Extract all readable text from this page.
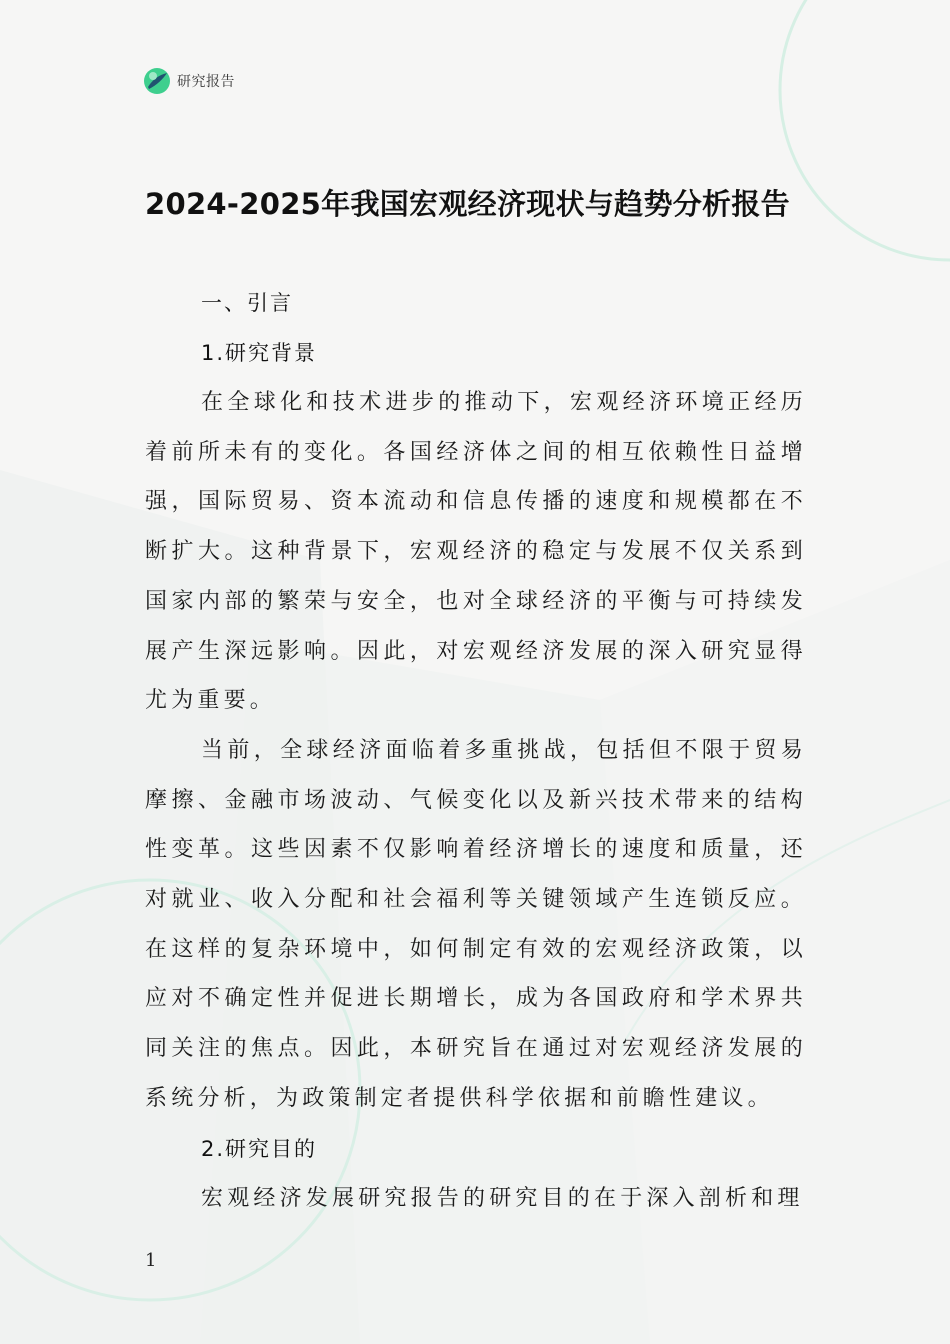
研究报告
2024-2025年我国宏观经济现状与趋势分析报告

一、引言

1.研究背景

在全球化和技术进步的推动下，宏观经济环境正经历着前所未有的变化。各国经济体之间的相互依赖性日益增强，国际贸易、资本流动和信息传播的速度和规模都在不断扩大。这种背景下，宏观经济的稳定与发展不仅关系到国家内部的繁荣与安全，也对全球经济的平衡与可持续发展产生深远影响。因此，对宏观经济发展的深入研究显得尤为重要。

当前，全球经济面临着多重挑战，包括但不限于贸易摩擦、金融市场波动、气候变化以及新兴技术带来的结构性变革。这些因素不仅影响着经济增长的速度和质量，还对就业、收入分配和社会福利等关键领域产生连锁反应。在这样的复杂环境中，如何制定有效的宏观经济政策，以应对不确定性并促进长期增长，成为各国政府和学术界共同关注的焦点。因此，本研究旨在通过对宏观经济发展的系统分析，为政策制定者提供科学依据和前瞻性建议。

2.研究目的

宏观经济发展研究报告的研究目的在于深入剖析和理

1
